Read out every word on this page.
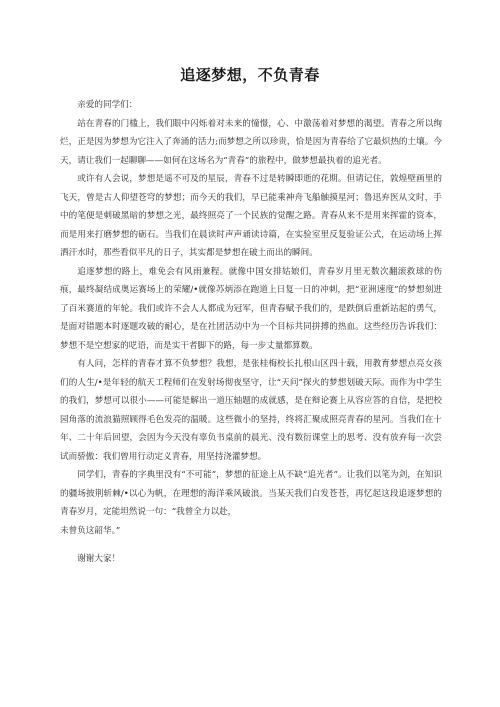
追逐梦想，不负青春

亲爱的同学们：

站在青春的门槛上，我们眼中闪烁着对未来的憧憬，心、中激荡着对梦想的渴望。青春之所以绚烂，正是因为梦想为它注入了奔涌的活力;而梦想之所以珍贵，恰是因为青春给了它最炽热的土壤。今天，请让我们一起聊聊——如何在这场名为“青春”的旅程中，做梦想最执着的追光者。

或许有人会说，梦想是遥不可及的星辰，青春不过是转瞬即逝的花期。但请记住，敦煌壁画里的飞天，曾是古人仰望苍穹的梦想；而今天的我们，早已能乘神舟飞船触摸星河；鲁迅弃医从文时，手中的笔便是刺破黑暗的梦想之光，最终照亮了一个民族的觉醒之路。青春从来不是用来挥霍的资本，而是用来打磨梦想的砺石。当我们在晨读时声声诵读诗篇，在实验室里反复验证公式，在运动场上挥洒汗水时，那些看似平凡的日子，其实都是梦想在破土而出的瞬间。

追逐梦想的路上，难免会有风雨兼程。就像中国女排姑娘们，青春岁月里无数次翻滚救球的伤痕，最终凝结成奥运赛场上的荣耀/•就像苏炳添在跑道上日复一日的冲刺，把“亚洲速度”的梦想刻进了百米赛道的年轮。我们或许不会人人都成为冠军，但青春赋予我们的，是跌倒后重新站起的勇气，是面对错题本时逐题攻破的耐心，是在社团活动中为一个目标共同拼搏的热血。这些经历告诉我们：梦想不是空想家的呓语，而是实干者脚下的路，每一步丈量都算数。

有人问，怎样的青春才算不负梦想？我想，是张桂梅校长扎根山区四十载，用教育梦想点亮女孩们的人生/•是年轻的航天工程师们在发射场彻夜坚守，让“天问”探火的梦想划破天际。而作为中学生的我们，梦想可以很小——可能是解出一道压轴题的成就感，是在辩论赛上从容应答的自信，是把校园角落的流浪猫照顾得毛色发亮的温暖。这些微小的坚持，终将汇聚成照亮青春的星河。当我们在十年、二十年后回望，会因为今天没有辜负书桌前的晨光、没有数衍课堂上的思考、没有放弃每一次尝试而骄傲：我们曾用行动定义青春，用坚持浇灌梦想。

同学们，青春的字典里没有“不可能”，梦想的征途上从不缺“追光者”。让我们以笔为剑，在知识的疆场披荆斩棘/•以心为帆，在理想的海洋乘风破浪。当某天我们白发苍苍，再忆起这段追逐梦想的青春岁月，定能坦然说一句：“我曾全力以赴，
未曾负这韶华。”

谢谢大家！
